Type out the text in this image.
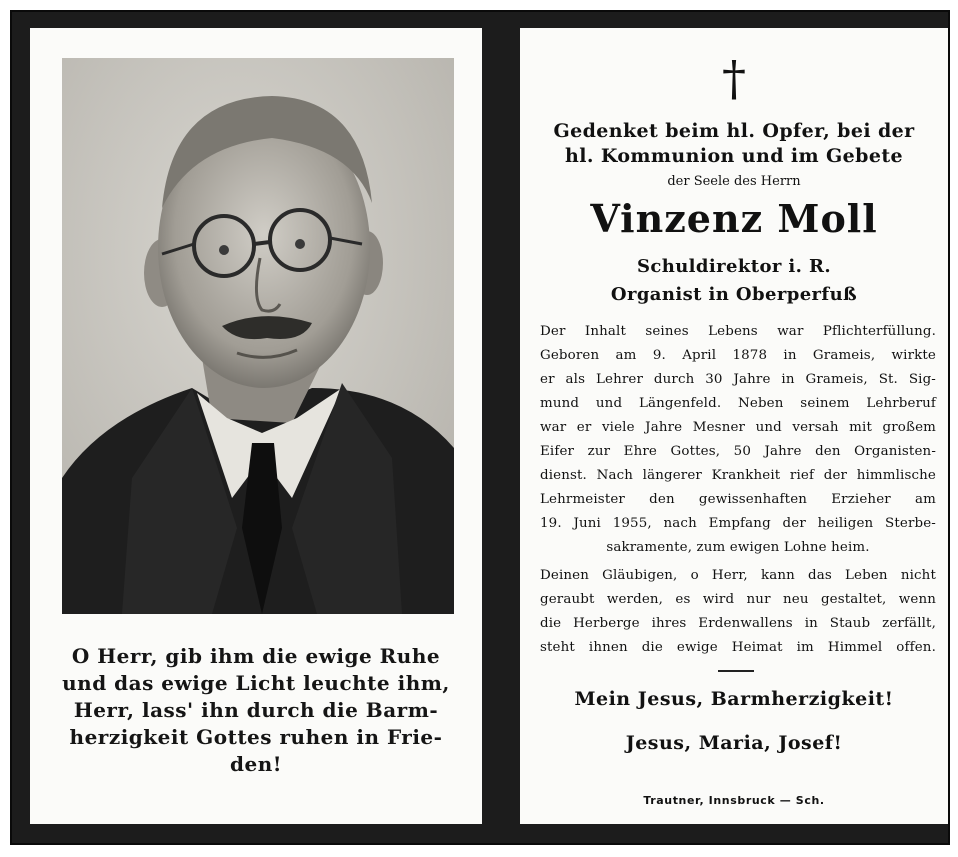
O Herr, gib ihm die ewige Ruhe
und das ewige Licht leuchte ihm,
Herr, lass' ihn durch die Barm-
herzigkeit Gottes ruhen in Frie-
den!
†
Gedenket beim hl. Opfer, bei der
hl. Kommunion und im Gebete
der Seele des Herrn
Vinzenz Moll
Schuldirektor i. R.
Organist in Oberperfuß
Der Inhalt seines Lebens war Pflichterfüllung.
Geboren am 9. April 1878 in Grameis, wirkte
er als Lehrer durch 30 Jahre in Grameis, St. Sig-
mund und Längenfeld. Neben seinem Lehrberuf
war er viele Jahre Mesner und versah mit großem
Eifer zur Ehre Gottes, 50 Jahre den Organisten-
dienst. Nach längerer Krankheit rief der himmlische
Lehrmeister den gewissenhaften Erzieher am
19. Juni 1955, nach Empfang der heiligen Sterbe-
sakramente, zum ewigen Lohne heim.
Deinen Gläubigen, o Herr, kann das Leben nicht
geraubt werden, es wird nur neu gestaltet, wenn
die Herberge ihres Erdenwallens in Staub zerfällt,
steht ihnen die ewige Heimat im Himmel offen.
Mein Jesus, Barmherzigkeit!
Jesus, Maria, Josef!
Trautner, Innsbruck — Sch.
